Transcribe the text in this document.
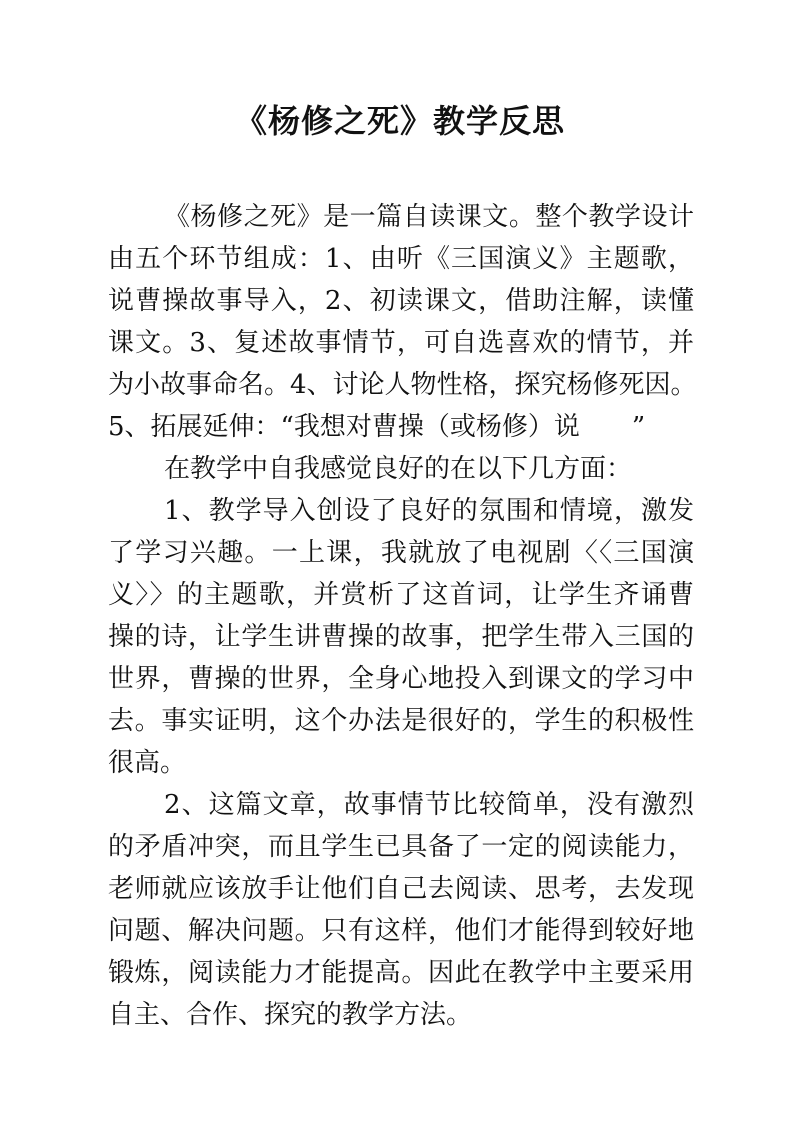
《杨修之死》教学反思
《杨修之死》是一篇自读课文。整个教学设计
由五个环节组成：1、由听《三国演义》主题歌，
说曹操故事导入，2、初读课文，借助注解，读懂
课文。3、复述故事情节，可自选喜欢的情节，并
为小故事命名。4、讨论人物性格，探究杨修死因。
5、拓展延伸：“我想对曹操（或杨修）说　　”
在教学中自我感觉良好的在以下几方面：
1、教学导入创设了良好的氛围和情境，激发
了学习兴趣。一上课，我就放了电视剧〈〈三国演
义〉〉的主题歌，并赏析了这首词，让学生齐诵曹
操的诗，让学生讲曹操的故事，把学生带入三国的
世界，曹操的世界，全身心地投入到课文的学习中
去。事实证明，这个办法是很好的，学生的积极性
很高。
2、这篇文章，故事情节比较简单，没有激烈
的矛盾冲突，而且学生已具备了一定的阅读能力，
老师就应该放手让他们自己去阅读、思考，去发现
问题、解决问题。只有这样，他们才能得到较好地
锻炼，阅读能力才能提高。因此在教学中主要采用
自主、合作、探究的教学方法。
